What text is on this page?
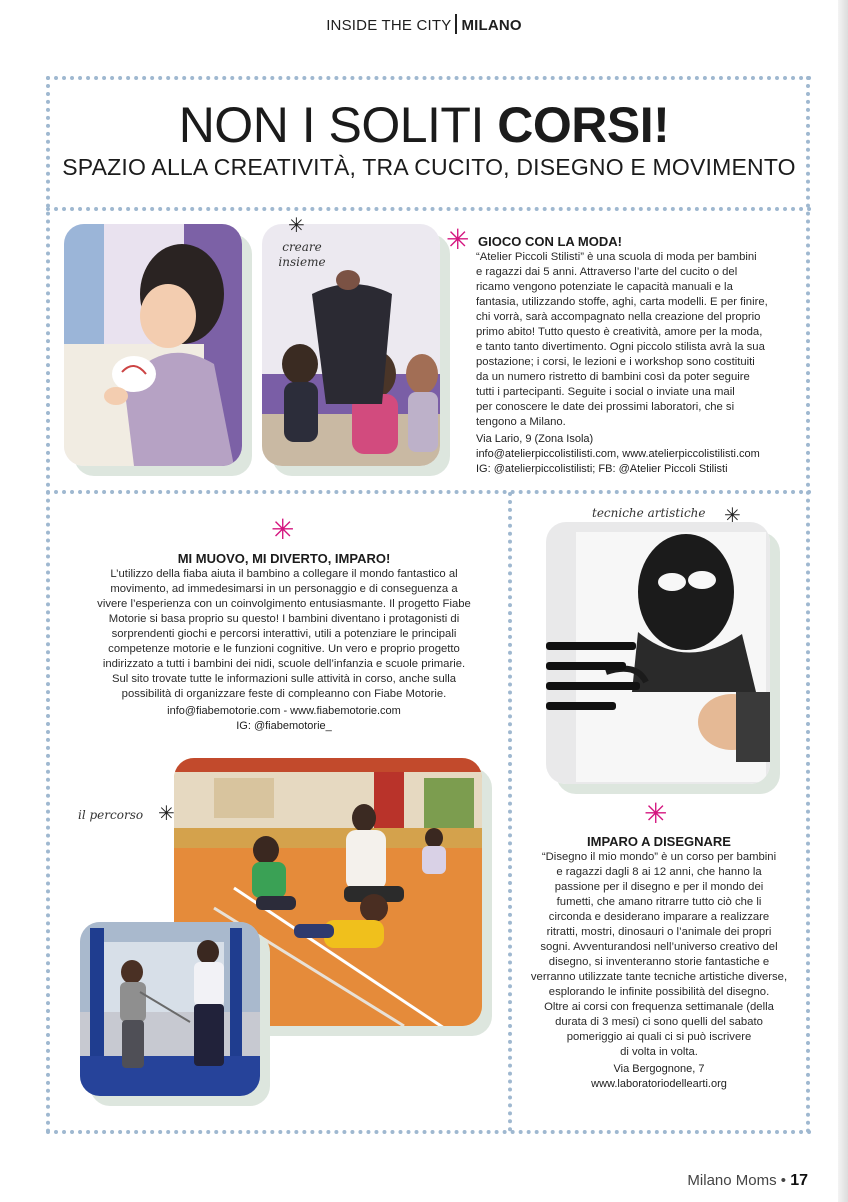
INSIDE THE CITY MILANO
NON I SOLITI CORSI!
SPAZIO ALLA CREATIVITÀ, TRA CUCITO, DISEGNO E MOVIMENTO
✳
creare
insieme
✳ GIOCO CON LA MODA!
“Atelier Piccoli Stilisti” è una scuola di moda per bambini
e ragazzi dai 5 anni. Attraverso l’arte del cucito o del
ricamo vengono potenziate le capacità manuali e la
fantasia, utilizzando stoffe, aghi, carta modelli. E per finire,
chi vorrà, sarà accompagnato nella creazione del proprio
primo abito! Tutto questo è creatività, amore per la moda,
e tanto tanto divertimento. Ogni piccolo stilista avrà la sua
postazione; i corsi, le lezioni e i workshop sono costituiti
da un numero ristretto di bambini così da poter seguire
tutti i partecipanti. Seguite i social o inviate una mail
per conoscere le date dei prossimi laboratori, che si
tengono a Milano.
Via Lario, 9 (Zona Isola)
info@atelierpiccolistilisti.com, www.atelierpiccolistilisti.com
IG: @atelierpiccolistilisti; FB: @Atelier Piccoli Stilisti
✳
MI MUOVO, MI DIVERTO, IMPARO!
L’utilizzo della fiaba aiuta il bambino a collegare il mondo fantastico al
movimento, ad immedesimarsi in un personaggio e di conseguenza a
vivere l’esperienza con un coinvolgimento entusiasmante. Il progetto Fiabe
Motorie si basa proprio su questo! I bambini diventano i protagonisti di
sorprendenti giochi e percorsi interattivi, utili a potenziare le principali
competenze motorie e le funzioni cognitive. Un vero e proprio progetto
indirizzato a tutti i bambini dei nidi, scuole dell’infanzia e scuole primarie.
Sul sito trovate tutte le informazioni sulle attività in corso, anche sulla
possibilità di organizzare feste di compleanno con Fiabe Motorie.
info@fiabemotorie.com - www.fiabemotorie.com
IG: @fiabemotorie_
il percorso ✳
tecniche artistiche ✳
✳
IMPARO A DISEGNARE
“Disegno il mio mondo” è un corso per bambini
e ragazzi dagli 8 ai 12 anni, che hanno la
passione per il disegno e per il mondo dei
fumetti, che amano ritrarre tutto ciò che li
circonda e desiderano imparare a realizzare
ritratti, mostri, dinosauri o l’animale dei propri
sogni. Avventurandosi nell’universo creativo del
disegno, si inventeranno storie fantastiche e
verranno utilizzate tante tecniche artistiche diverse,
esplorando le infinite possibilità del disegno.
Oltre ai corsi con frequenza settimanale (della
durata di 3 mesi) ci sono quelli del sabato
pomeriggio ai quali ci si può iscrivere
di volta in volta.
Via Bergognone, 7
www.laboratoriodellearti.org
Milano Moms • 17
